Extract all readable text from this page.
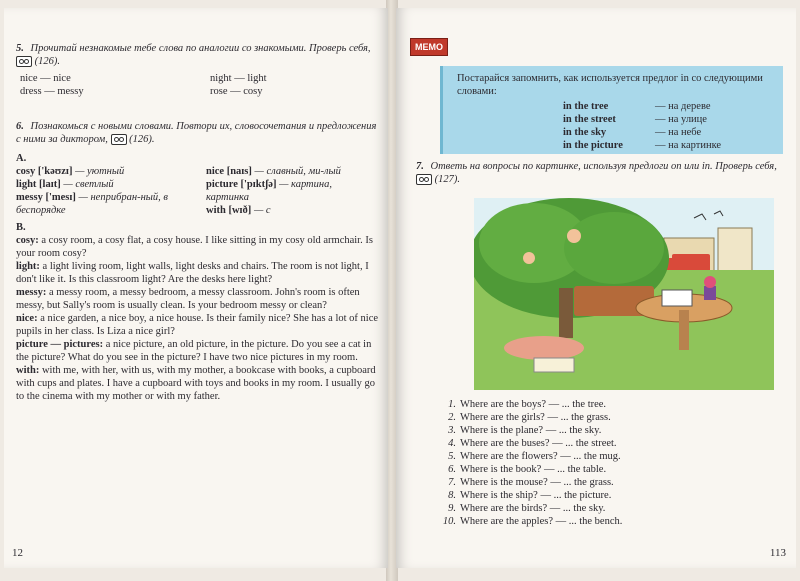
5. Прочитай незнакомые тебе слова по аналогии со знакомыми. Проверь себя,  (126).
nice — nice	night — light
dress — messy	rose — cosy
6. Познакомься с новыми словами. Повтори их, словосочетания и предложения с ними за диктором, (126).
A.
cosy ['kəʊzɪ] — уютный
light [laɪt] — светлый
messy ['mesɪ] — неприбран-ный, в беспорядке
nice [naɪs] — славный, ми-лый
picture ['pɪktʃə] — картина, картинка
with [wɪð] — с
B.
cosy: a cosy room, a cosy flat, a cosy house. I like sitting in my cosy old armchair. Is your room cosy?
light: a light living room, light walls, light desks and chairs. The room is not light, I don't like it. Is this classroom light? Are the desks here light?
messy: a messy room, a messy bedroom, a messy classroom. John's room is often messy, but Sally's room is usually clean. Is your bedroom messy or clean?
nice: a nice garden, a nice boy, a nice house. Is their family nice? She has a lot of nice pupils in her class. Is Liza a nice girl?
picture — pictures: a nice picture, an old picture, in the picture. Do you see a cat in the picture? What do you see in the picture? I have two nice pictures in my room.
with: with me, with her, with us, with my mother, a bookcase with books, a cupboard with cups and plates. I have a cupboard with toys and books in my room. I usually go to the cinema with my mother or with my father.
12
MEMO
Постарайся запомнить, как используется предлог in со следующими словами:
in the tree	— на дереве
in the street	— на улице
in the sky	— на небе
in the picture	— на картинке
7. Ответь на вопросы по картинке, используя предлоги on или in. Проверь себя,  (127).
1. Where are the boys? — ... the tree.
2. Where are the girls? — ... the grass.
3. Where is the plane? — ... the sky.
4. Where are the buses? — ... the street.
5. Where are the flowers? — ... the mug.
6. Where is the book? — ... the table.
7. Where is the mouse? — ... the grass.
8. Where is the ship? — ... the picture.
9. Where are the birds? — ... the sky.
10. Where are the apples? — ... the bench.
113
